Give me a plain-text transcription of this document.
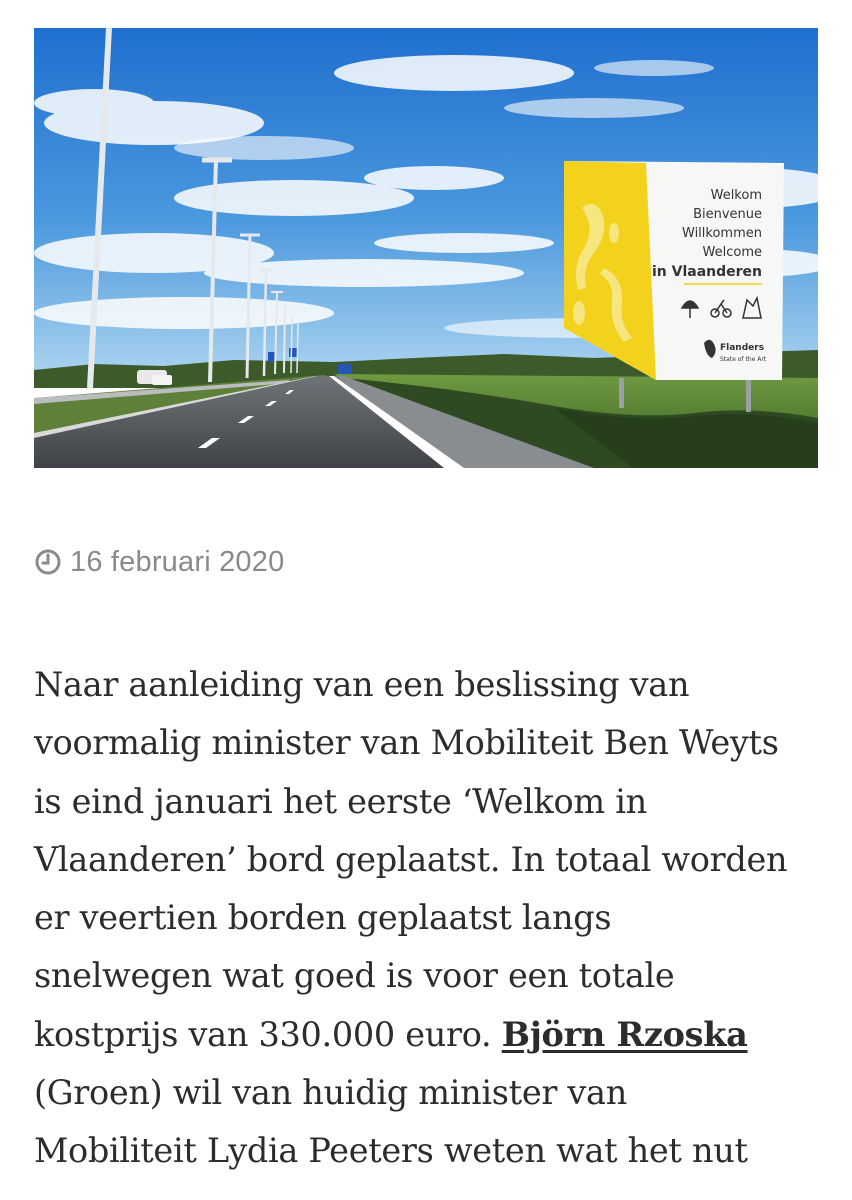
Welkom
Bienvenue
Willkommen
Welcome
in Vlaanderen
Flanders
State of the Art
16 februari 2020

Naar aanleiding van een beslissing van
voormalig minister van Mobiliteit Ben Weyts
is eind januari het eerste ‘Welkom in
Vlaanderen’ bord geplaatst. In totaal worden
er veertien borden geplaatst langs
snelwegen wat goed is voor een totale
kostprijs van 330.000 euro. Björn Rzoska
(Groen) wil van huidig minister van
Mobiliteit Lydia Peeters weten wat het nut
